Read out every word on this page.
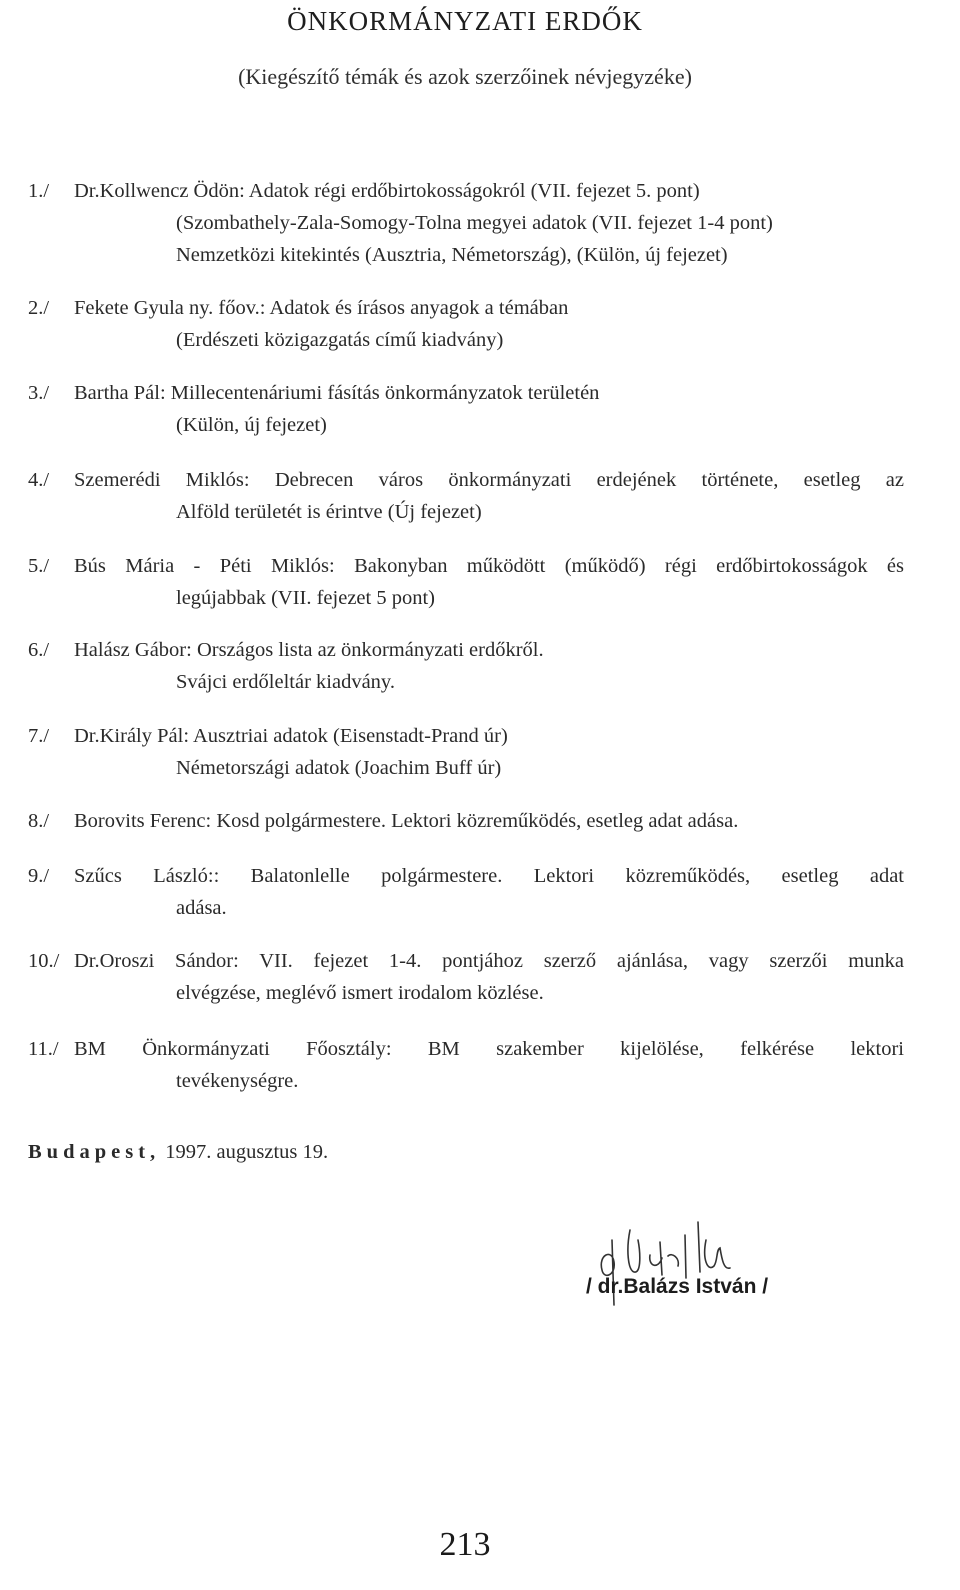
ÖNKORMÁNYZATI ERDŐK
(Kiegészítő témák és azok szerzőinek névjegyzéke)
1./ Dr.Kollwencz Ödön: Adatok régi erdőbirtokosságokról (VII. fejezet 5. pont)
(Szombathely-Zala-Somogy-Tolna megyei adatok (VII. fejezet 1-4 pont)
Nemzetközi kitekintés (Ausztria, Németország), (Külön, új fejezet)
2./ Fekete Gyula ny. főov.: Adatok és írásos anyagok a témában
(Erdészeti közigazgatás című kiadvány)
3./ Bartha Pál: Millecentenáriumi fásítás önkormányzatok területén
(Külön, új fejezet)
4./ Szemerédi Miklós: Debrecen város önkormányzati erdejének története, esetleg az
Alföld területét is érintve (Új fejezet)
5./ Bús Mária - Péti Miklós: Bakonyban működött (működő) régi erdőbirtokosságok és
legújabbak (VII. fejezet 5 pont)
6./ Halász Gábor: Országos lista az önkormányzati erdőkről.
Svájci erdőleltár kiadvány.
7./ Dr.Király Pál: Ausztriai adatok (Eisenstadt-Prand úr)
Németországi adatok (Joachim Buff úr)
8./ Borovits Ferenc: Kosd polgármestere. Lektori közreműködés, esetleg adat adása.
9./ Szűcs László:: Balatonlelle polgármestere. Lektori közreműködés, esetleg adat
adása.
10./ Dr.Oroszi Sándor: VII. fejezet 1-4. pontjához szerző ajánlása, vagy szerzői munka
elvégzése, meglévő ismert irodalom közlése.
11./ BM Önkormányzati Főosztály: BM szakember kijelölése, felkérése lektori
tevékenységre.
Budapest, 1997. augusztus 19.
/ dr.Balázs István /
213
